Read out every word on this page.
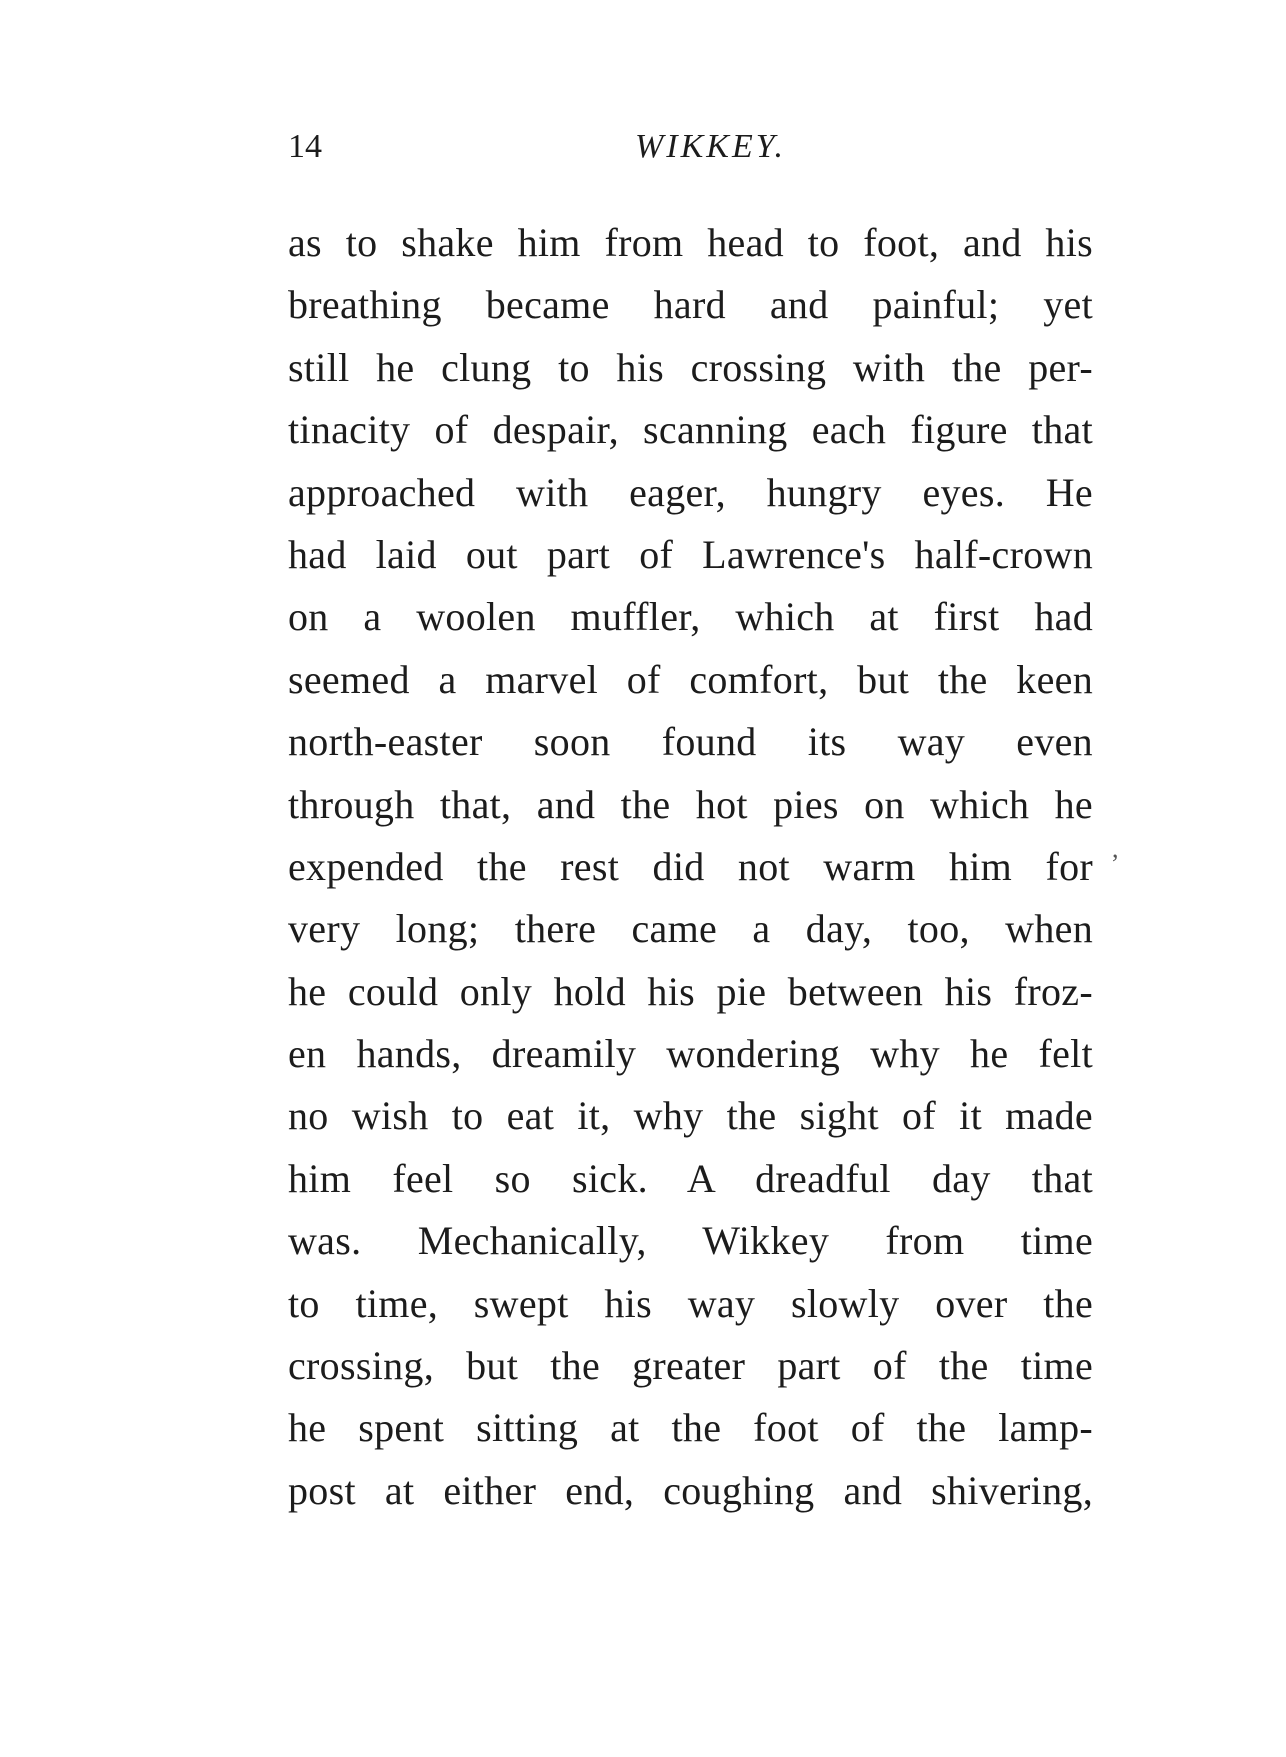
14	WIKKEY.
as to shake him from head to foot, and his
breathing became hard and painful; yet
still he clung to his crossing with the per-
tinacity of despair, scanning each figure that
approached with eager, hungry eyes. He
had laid out part of Lawrence's half-crown
on a woolen muffler, which at first had
seemed a marvel of comfort, but the keen
north-easter soon found its way even
through that, and the hot pies on which he
expended the rest did not warm him for
very long; there came a day, too, when
he could only hold his pie between his froz-
en hands, dreamily wondering why he felt
no wish to eat it, why the sight of it made
him feel so sick. A dreadful day that
was. Mechanically, Wikkey from time
to time, swept his way slowly over the
crossing, but the greater part of the time
he spent sitting at the foot of the lamp-
post at either end, coughing and shivering,
,
